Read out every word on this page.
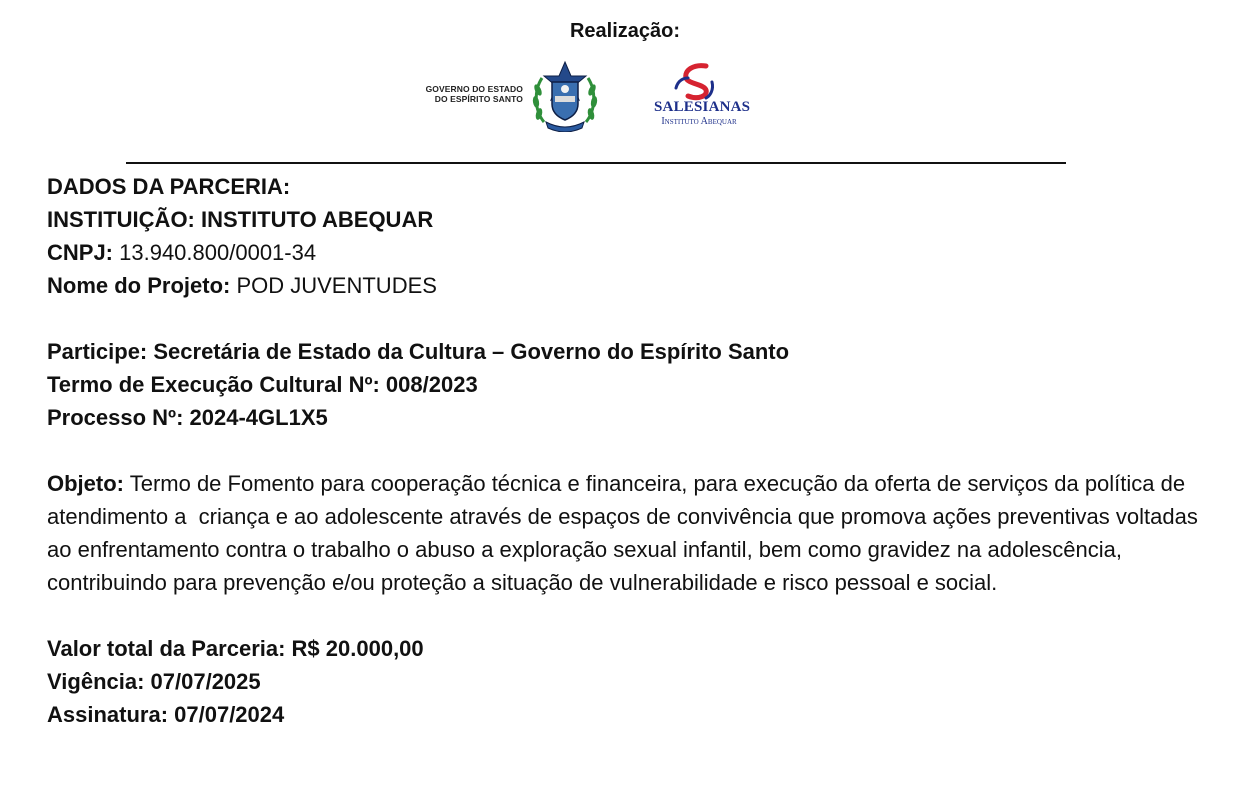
Realização:
GOVERNO DO ESTADO
DO ESPÍRITO SANTO	SALESIANAS
Instituto Abequar

DADOS DA PARCERIA:

INSTITUIÇÃO: INSTITUTO ABEQUAR

CNPJ: 13.940.800/0001-34

Nome do Projeto: POD JUVENTUDES

Participe: Secretária de Estado da Cultura – Governo do Espírito Santo

Termo de Execução Cultural Nº: 008/2023

Processo Nº: 2024-4GL1X5

Objeto: Termo de Fomento para cooperação técnica e financeira, para execução da oferta de serviços da política de atendimento a  criança e ao adolescente através de espaços de convivência que promova ações preventivas voltadas ao enfrentamento contra o trabalho o abuso a exploração sexual infantil, bem como gravidez na adolescência, contribuindo para prevenção e/ou proteção a situação de vulnerabilidade e risco pessoal e social.

Valor total da Parceria: R$ 20.000,00

Vigência: 07/07/2025

Assinatura: 07/07/2024
